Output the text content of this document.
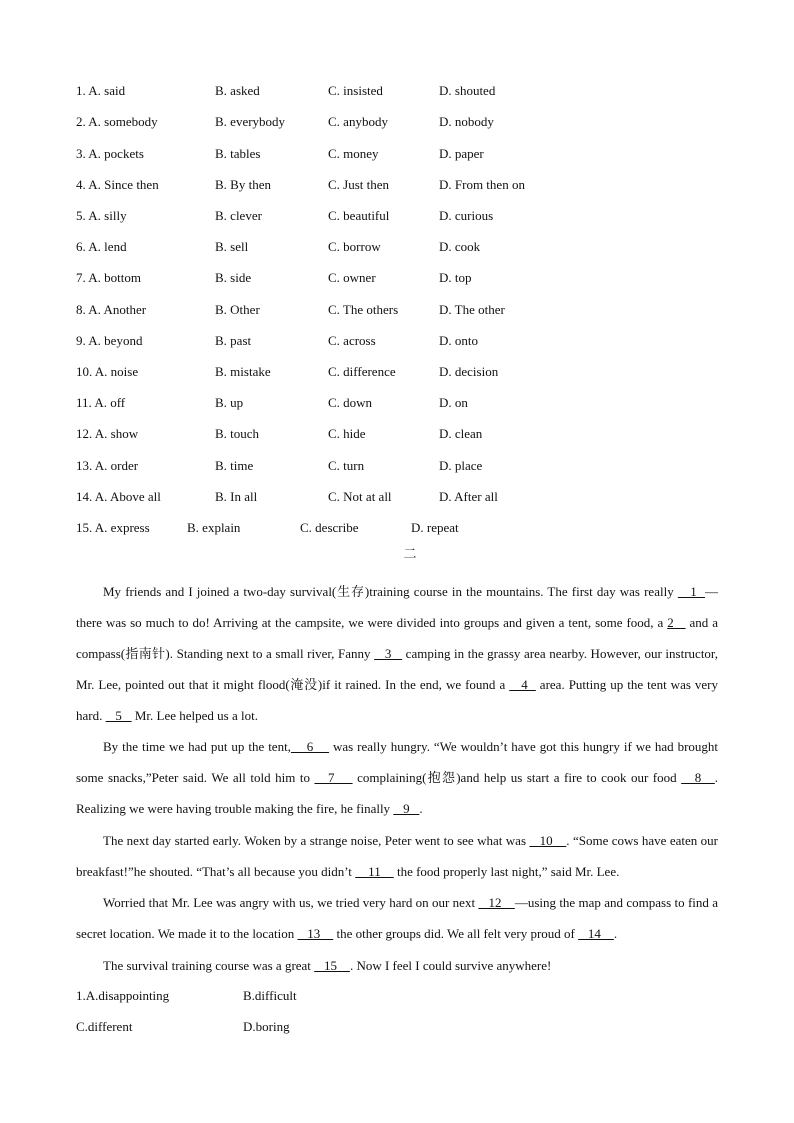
1. A. said	B. asked	C. insisted	D. shouted
2. A. somebody	B. everybody	C. anybody	D. nobody
3. A. pockets	B. tables	C. money	D. paper
4. A. Since then	B. By then	C. Just then	D. From then on
5. A. silly	B. clever	C. beautiful	D. curious
6. A. lend	B. sell	C. borrow	D. cook
7. A. bottom	B. side	C. owner	D. top
8. A. Another	B. Other	C. The others	D. The other
9. A. beyond	B. past	C. across	D. onto
10. A. noise	B. mistake	C. difference	D. decision
11. A. off	B. up	C. down	D. on
12. A. show	B. touch	C. hide	D. clean
13. A. order	B. time	C. turn	D. place
14. A. Above all	B. In all	C. Not at all	D. After all
15. A. express	B. explain	C. describe	D. repeat
二

My friends and I joined a two-day survival(生存)training course in the mountains. The first day was really    1  —there was so much to do! Arriving at the campsite, we were divided into groups and given a tent, some food, a 2    and a compass(指南针). Standing next to a small river, Fanny    3    camping in the grassy area nearby. However, our instructor, Mr. Lee, pointed out that it might flood(淹没)if it rained. In the end, we found a    4   area. Putting up the tent was very hard.    5    Mr. Lee helped us a lot.

By the time we had put up the tent,    6     was really hungry. “We wouldn’t have got this hungry if we had brought some snacks,”Peter said. We all told him to    7     complaining(抱怨)and help us start a fire to cook our food    8   . Realizing we were having trouble making the fire, he finally    9   .

The next day started early. Woken by a strange noise, Peter went to see what was    10    . “Some cows have eaten our breakfast!”he shouted. “That’s all because you didn’t     11     the food properly last night,” said Mr. Lee.

Worried that Mr. Lee was angry with us, we tried very hard on our next    12    —using the map and compass to find a secret location. We made it to the location    13     the other groups did. We all felt very proud of    14    .

The survival training course was a great    15    . Now I feel I could survive anywhere!

1.A.disappointing	B.difficult
C.different	D.boring
